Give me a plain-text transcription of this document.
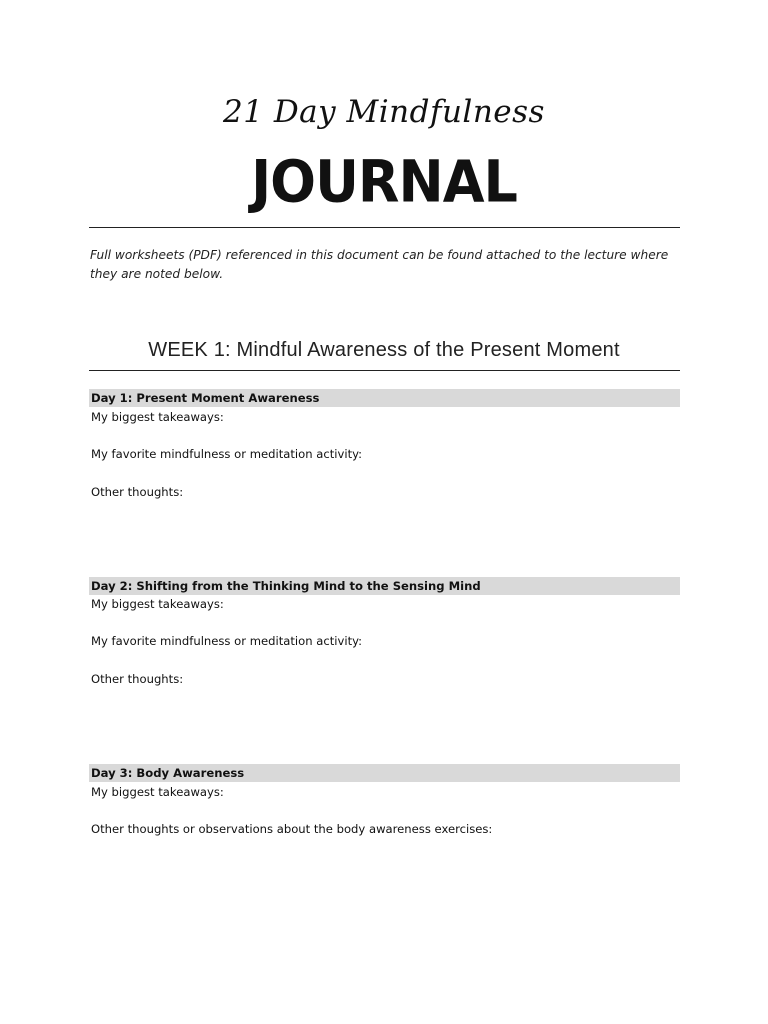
21 Day Mindfulness
JOURNAL
Full worksheets (PDF) referenced in this document can be found attached to the lecture where they are noted below.
WEEK 1: Mindful Awareness of the Present Moment
Day 1: Present Moment Awareness
My biggest takeaways:
My favorite mindfulness or meditation activity:
Other thoughts:
Day 2: Shifting from the Thinking Mind to the Sensing Mind
My biggest takeaways:
My favorite mindfulness or meditation activity:
Other thoughts:
Day 3: Body Awareness
My biggest takeaways:
Other thoughts or observations about the body awareness exercises:
